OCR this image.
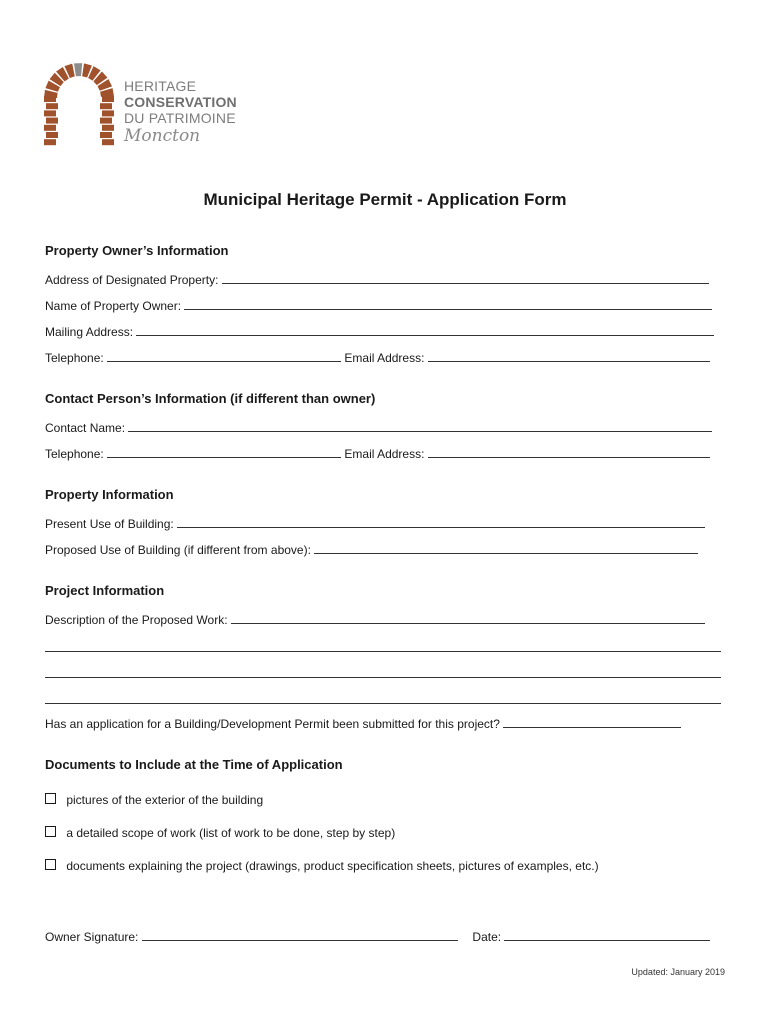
HERITAGE
CONSERVATION
DU PATRIMOINE
Moncton
Municipal Heritage Permit - Application Form
Property Owner’s Information
Address of Designated Property:
Name of Property Owner:
Mailing Address:
Telephone:	Email Address:
Contact Person’s Information (if different than owner)
Contact Name:
Telephone:	Email Address:
Property Information
Present Use of Building:
Proposed Use of Building (if different from above):
Project Information
Description of the Proposed Work:
Has an application for a Building/Development Permit been submitted for this project?
Documents to Include at the Time of Application
pictures of the exterior of the building
a detailed scope of work (list of work to be done, step by step)
documents explaining the project (drawings, product specification sheets, pictures of examples, etc.)
Owner Signature:	Date:
Updated: January 2019
